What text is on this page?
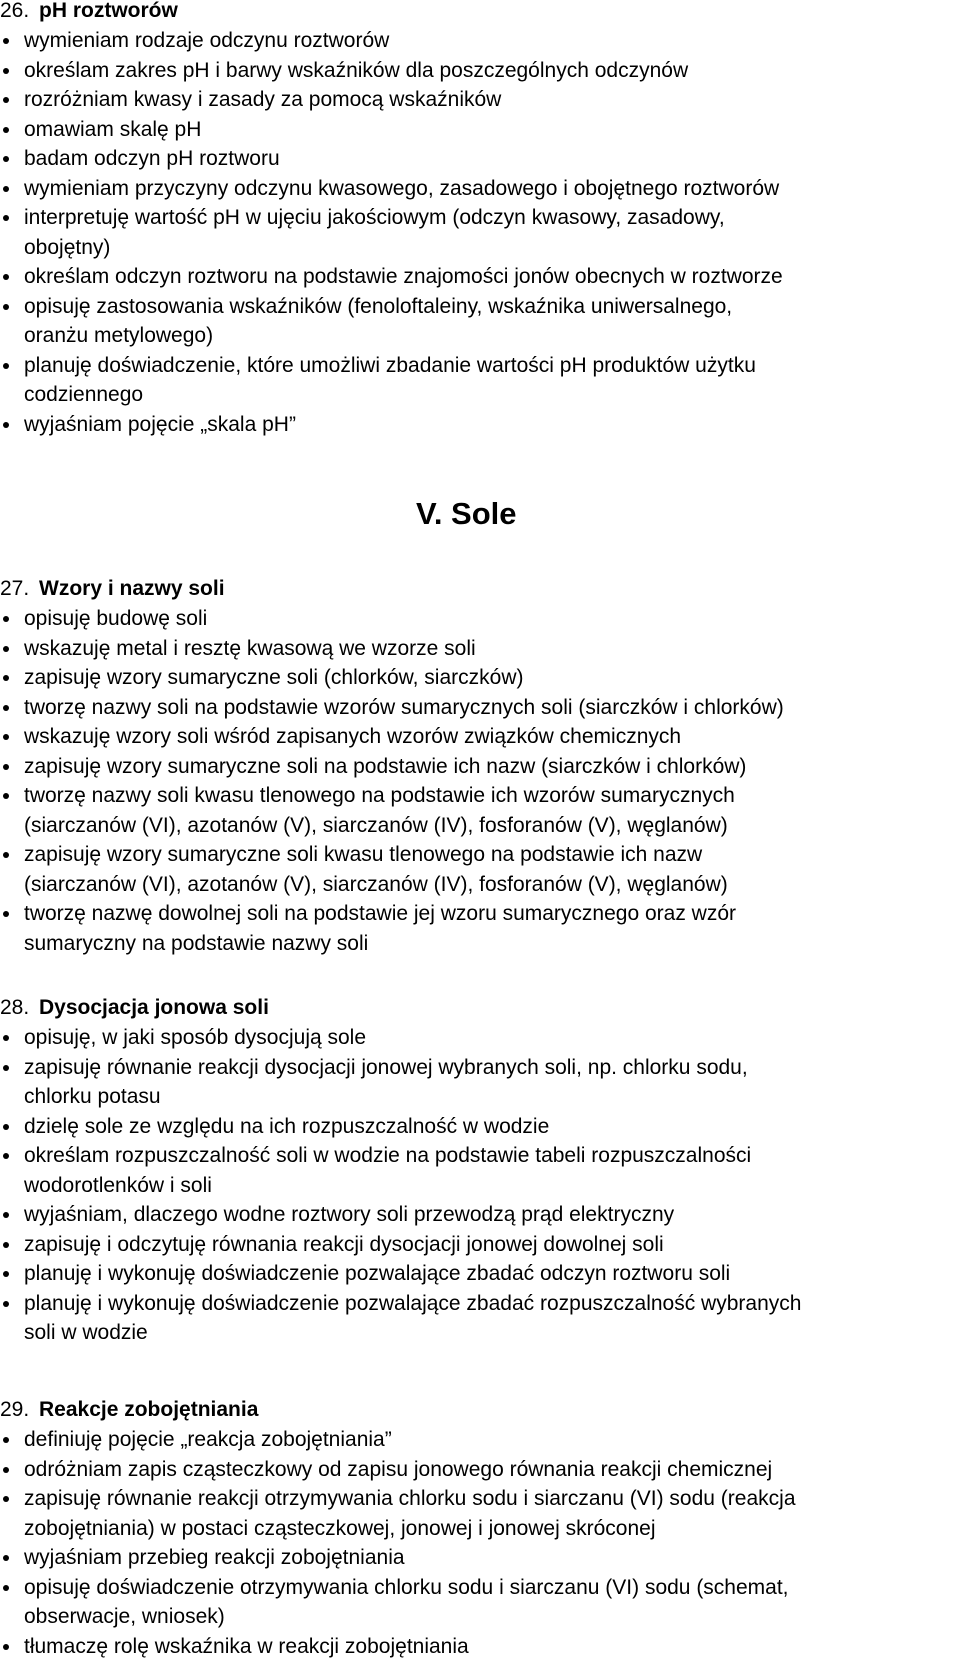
26. pH roztworów
wymieniam rodzaje odczynu roztworów
określam zakres pH i barwy wskaźników dla poszczególnych odczynów
rozróżniam kwasy i zasady za pomocą wskaźników
omawiam skalę pH
badam odczyn pH roztworu
wymieniam przyczyny odczynu kwasowego, zasadowego i obojętnego roztworów
interpretuję wartość pH w ujęciu jakościowym (odczyn kwasowy, zasadowy,
obojętny)
określam odczyn roztworu na podstawie znajomości jonów obecnych w roztworze
opisuję zastosowania wskaźników (fenoloftaleiny, wskaźnika uniwersalnego,
oranżu metylowego)
planuję doświadczenie, które umożliwi zbadanie wartości pH produktów użytku
codziennego
wyjaśniam pojęcie „skala pH”
V. Sole
27. Wzory i nazwy soli
opisuję budowę soli
wskazuję metal i resztę kwasową we wzorze soli
zapisuję wzory sumaryczne soli (chlorków, siarczków)
tworzę nazwy soli na podstawie wzorów sumarycznych soli (siarczków i chlorków)
wskazuję wzory soli wśród zapisanych wzorów związków chemicznych
zapisuję wzory sumaryczne soli na podstawie ich nazw (siarczków i chlorków)
tworzę nazwy soli kwasu tlenowego na podstawie ich wzorów sumarycznych
(siarczanów (VI), azotanów (V), siarczanów (IV), fosforanów (V), węglanów)
zapisuję wzory sumaryczne soli kwasu tlenowego na podstawie ich nazw
(siarczanów (VI), azotanów (V), siarczanów (IV), fosforanów (V), węglanów)
tworzę nazwę dowolnej soli na podstawie jej wzoru sumarycznego oraz wzór
sumaryczny na podstawie nazwy soli
28. Dysocjacja jonowa soli
opisuję, w jaki sposób dysocjują sole
zapisuję równanie reakcji dysocjacji jonowej wybranych soli, np. chlorku sodu,
chlorku potasu
dzielę sole ze względu na ich rozpuszczalność w wodzie
określam rozpuszczalność soli w wodzie na podstawie tabeli rozpuszczalności
wodorotlenków i soli
wyjaśniam, dlaczego wodne roztwory soli przewodzą prąd elektryczny
zapisuję i odczytuję równania reakcji dysocjacji jonowej dowolnej soli
planuję i wykonuję doświadczenie pozwalające zbadać odczyn roztworu soli
planuję i wykonuję doświadczenie pozwalające zbadać rozpuszczalność wybranych
soli w wodzie
29. Reakcje zobojętniania
definiuję pojęcie „reakcja zobojętniania”
odróżniam zapis cząsteczkowy od zapisu jonowego równania reakcji chemicznej
zapisuję równanie reakcji otrzymywania chlorku sodu i siarczanu (VI) sodu (reakcja
zobojętniania) w postaci cząsteczkowej, jonowej i jonowej skróconej
wyjaśniam przebieg reakcji zobojętniania
opisuję doświadczenie otrzymywania chlorku sodu i siarczanu (VI) sodu (schemat,
obserwacje, wniosek)
tłumaczę rolę wskaźnika w reakcji zobojętniania
